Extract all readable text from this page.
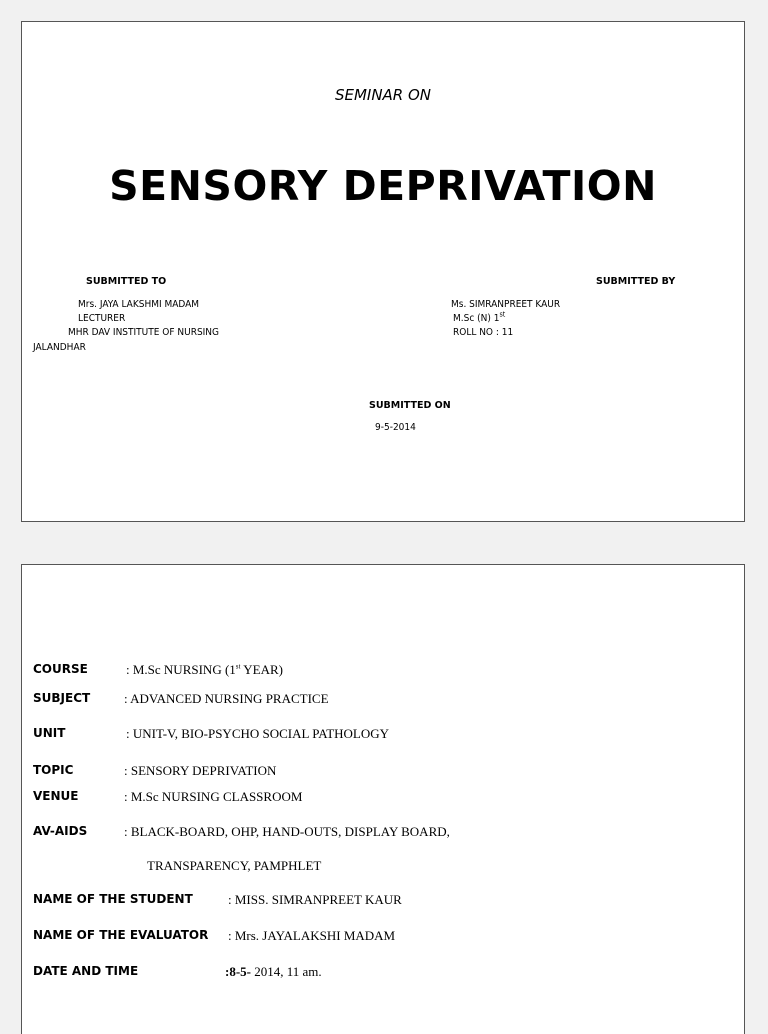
SEMINAR ON
SENSORY DEPRIVATION
SUBMITTED TO	SUBMITTED BY
Mrs. JAYA LAKSHMI MADAM
LECTURER
MHR DAV INSTITUTE OF NURSING
JALANDHAR
Ms. SIMRANPREET KAUR
M.Sc (N) 1st
ROLL NO : 11
SUBMITTED ON
9-5-2014
COURSE	: M.Sc NURSING (1st YEAR)
SUBJECT	: ADVANCED NURSING PRACTICE
UNIT	: UNIT-V, BIO-PSYCHO SOCIAL PATHOLOGY
TOPIC	: SENSORY DEPRIVATION
VENUE	: M.Sc NURSING CLASSROOM
AV-AIDS	: BLACK-BOARD, OHP, HAND-OUTS, DISPLAY BOARD,
TRANSPARENCY, PAMPHLET
NAME OF THE STUDENT	: MISS. SIMRANPREET KAUR
NAME OF THE EVALUATOR : Mrs. JAYALAKSHI MADAM
DATE AND TIME	:8-5- 2014, 11 am.
